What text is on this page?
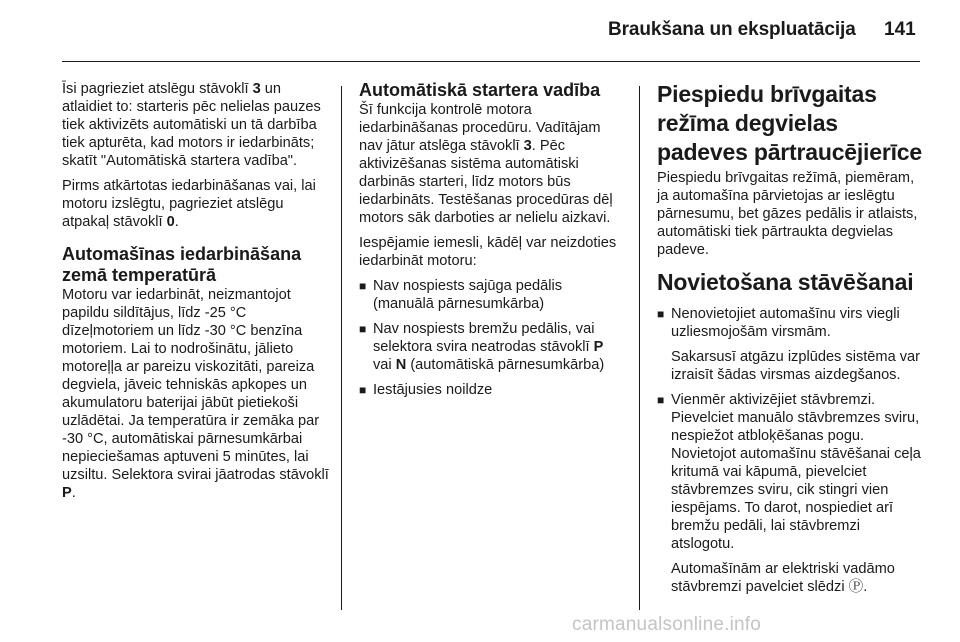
Braukšana un ekspluatācija 141

Īsi pagrieziet atslēgu stāvoklī 3 un atlaidiet to: starteris pēc nelielas pauzes tiek aktivizēts automātiski un tā darbība tiek apturēta, kad motors ir iedarbināts; skatīt "Automātiskā startera vadība".

Pirms atkārtotas iedarbināšanas vai, lai motoru izslēgtu, pagrieziet atslēgu atpakaļ stāvoklī 0.

Automašīnas iedarbināšana zemā temperatūrā

Motoru var iedarbināt, neizmantojot papildu sildītājus, līdz -25 °C dīzeļmotoriem un līdz -30 °C benzīna motoriem. Lai to nodrošinātu, jālieto motoreļļa ar pareizu viskozitāti, pareiza degviela, jāveic tehniskās apkopes un akumulatoru baterijai jābūt pietiekoši uzlādētai. Ja temperatūra ir zemāka par -30 °C, automātiskai pārnesumkārbai nepieciešamas aptuveni 5 minūtes, lai uzsiltu. Selektora svirai jāatrodas stāvoklī P.

Automātiskā startera vadība

Šī funkcija kontrolē motora iedarbināšanas procedūru. Vadītājam nav jātur atslēga stāvoklī 3. Pēc aktivizēšanas sistēma automātiski darbinās starteri, līdz motors būs iedarbināts. Testēšanas procedūras dēļ motors sāk darboties ar nelielu aizkavi.

Iespējamie iemesli, kādēļ var neizdoties iedarbināt motoru:

■ Nav nospiests sajūga pedālis (manuālā pārnesumkārba)
■ Nav nospiests bremžu pedālis, vai selektora svira neatrodas stāvoklī P vai N (automātiskā pārnesumkārba)
■ Iestājusies noildze
Piespiedu brīvgaitas režīma degvielas padeves pārtraucējierīce

Piespiedu brīvgaitas režīmā, piemēram, ja automašīna pārvietojas ar ieslēgtu pārnesumu, bet gāzes pedālis ir atlaists, automātiski tiek pārtraukta degvielas padeve.

Novietošana stāvēšanai
■ Nenovietojiet automašīnu virs viegli uzliesmojošām virsmām.

Sakarsusī atgāzu izplūdes sistēma var izraisīt šādas virsmas aizdegšanos.

■ Vienmēr aktivizējiet stāvbremzi. Pievelciet manuālo stāvbremzes sviru, nespiežot atbloķēšanas pogu. Novietojot automašīnu stāvēšanai ceļa kritumā vai kāpumā, pievelciet stāvbremzes sviru, cik stingri vien iespējams. To darot, nospiediet arī bremžu pedāli, lai stāvbremzi atslogotu.

Automašīnām ar elektriski vadāmo stāvbremzi pavelciet slēdzi Ⓟ.

carmanualsonline.info
